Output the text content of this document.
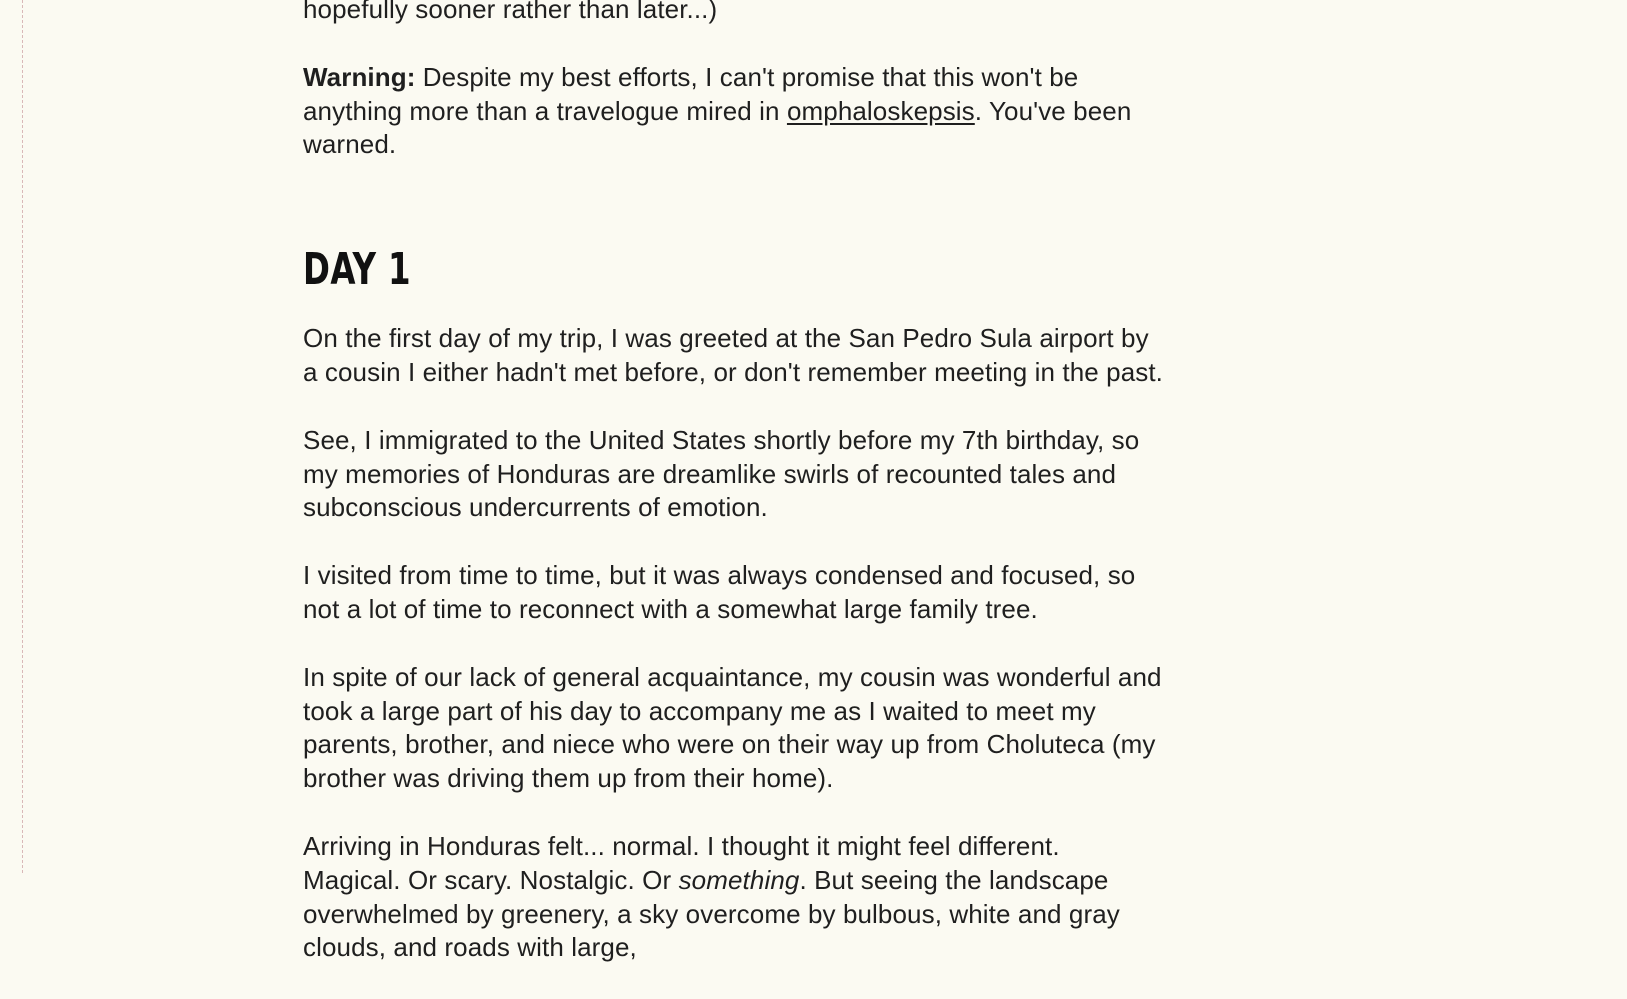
hopefully sooner rather than later...)

Warning: Despite my best efforts, I can't promise that this won't be anything more than a travelogue mired in omphaloskepsis. You've been warned.

DAY 1

On the first day of my trip, I was greeted at the San Pedro Sula airport by a cousin I either hadn't met before, or don't remember meeting in the past.

See, I immigrated to the United States shortly before my 7th birthday, so my memories of Honduras are dreamlike swirls of recounted tales and subconscious undercurrents of emotion.

I visited from time to time, but it was always condensed and focused, so not a lot of time to reconnect with a somewhat large family tree.

In spite of our lack of general acquaintance, my cousin was wonderful and took a large part of his day to accompany me as I waited to meet my parents, brother, and niece who were on their way up from Choluteca (my brother was driving them up from their home).

Arriving in Honduras felt... normal. I thought it might feel different. Magical. Or scary. Nostalgic. Or something. But seeing the landscape overwhelmed by greenery, a sky overcome by bulbous, white and gray clouds, and roads with large,
